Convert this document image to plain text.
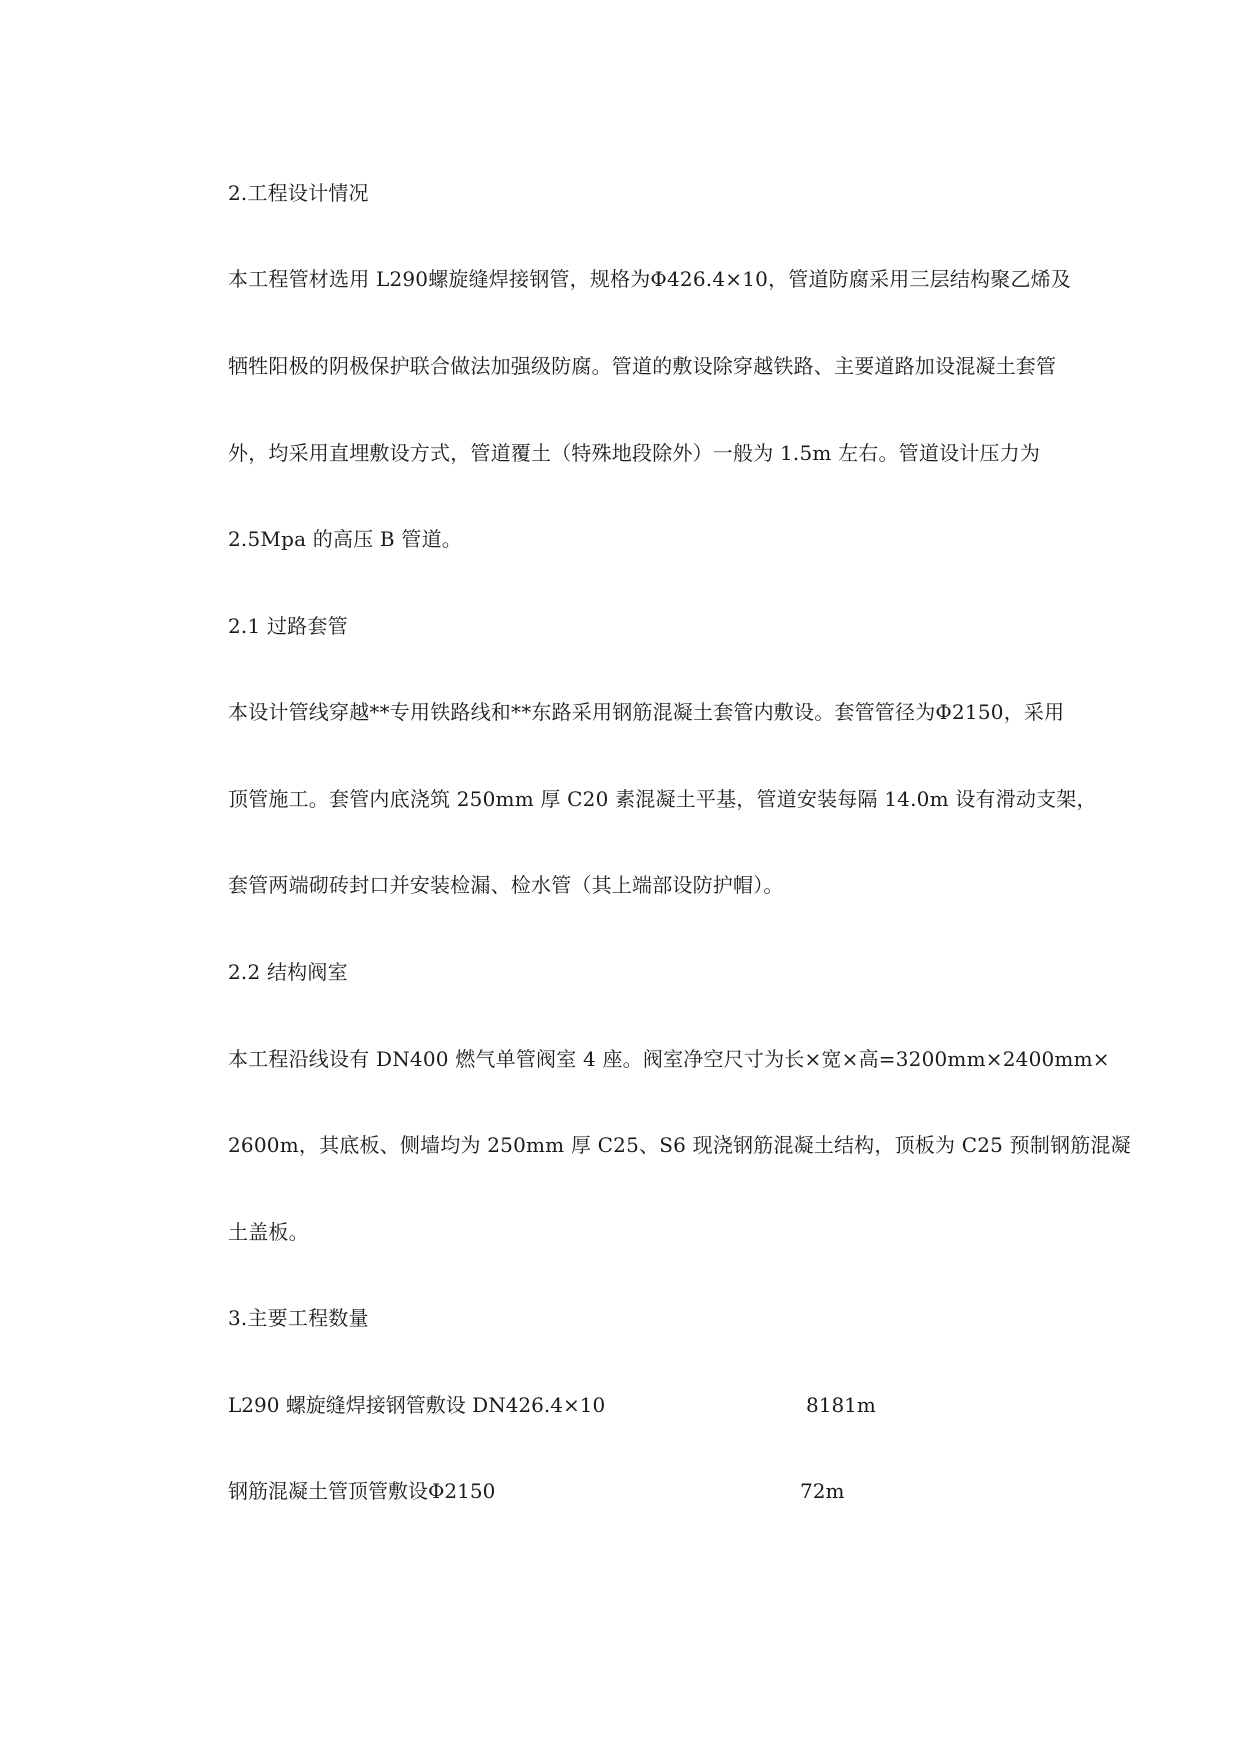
2.工程设计情况
本工程管材选用 L290螺旋缝焊接钢管，规格为Φ426.4×10，管道防腐采用三层结构聚乙烯及
牺牲阳极的阴极保护联合做法加强级防腐。管道的敷设除穿越铁路、主要道路加设混凝土套管
外，均采用直埋敷设方式，管道覆土（特殊地段除外）一般为 1.5m 左右。管道设计压力为
2.5Mpa 的高压 B 管道。
2.1 过路套管
本设计管线穿越**专用铁路线和**东路采用钢筋混凝土套管内敷设。套管管径为Φ2150，采用
顶管施工。套管内底浇筑 250mm 厚 C20 素混凝土平基，管道安装每隔 14.0m 设有滑动支架，
套管两端砌砖封口并安装检漏、检水管（其上端部设防护帽）。
2.2 结构阀室
本工程沿线设有 DN400 燃气单管阀室 4 座。阀室净空尺寸为长×宽×高=3200mm×2400mm×
2600m，其底板、侧墙均为 250mm 厚 C25、S6 现浇钢筋混凝土结构，顶板为 C25 预制钢筋混凝
土盖板。
3.主要工程数量
L290 螺旋缝焊接钢管敷设 DN426.4×10	8181m
钢筋混凝土管顶管敷设Φ2150	72m
